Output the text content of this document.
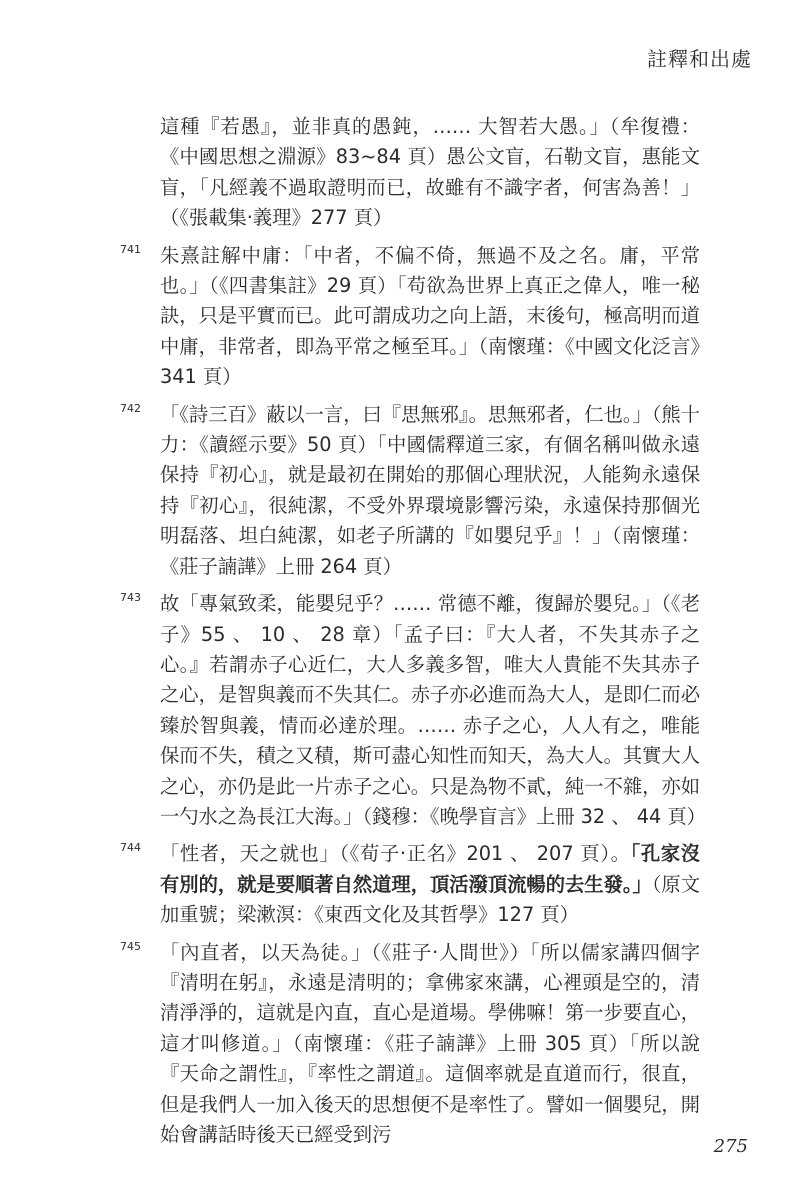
註釋和出處

這種『若愚』，並非真的愚鈍，…… 大智若大愚。」（牟復禮：《中國思想之淵源》83~84 頁）愚公文盲，石勒文盲，惠能文盲，「凡經義不過取證明而已，故雖有不識字者，何害為善！」（《張載集‧義理》277 頁）

741 朱熹註解中庸：「中者，不偏不倚，無過不及之名。庸，平常也。」（《四書集註》29 頁）「苟欲為世界上真正之偉人，唯一秘訣，只是平實而已。此可謂成功之向上語，末後句，極高明而道中庸，非常者，即為平常之極至耳。」（南懷瑾：《中國文化泛言》341 頁）

742 「《詩三百》蔽以一言，曰『思無邪』。思無邪者，仁也。」（熊十力：《讀經示要》50 頁）「中國儒釋道三家，有個名稱叫做永遠保持『初心』，就是最初在開始的那個心理狀況，人能夠永遠保持『初心』，很純潔，不受外界環境影響污染，永遠保持那個光明磊落、坦白純潔，如老子所講的『如嬰兒乎』！」（南懷瑾：《莊子諵譁》上冊 264 頁）

743 故「專氣致柔，能嬰兒乎？…… 常德不離，復歸於嬰兒。」（《老子》55 、 10 、 28 章）「孟子曰：『大人者，不失其赤子之心。』若謂赤子心近仁，大人多義多智，唯大人貴能不失其赤子之心，是智與義而不失其仁。赤子亦必進而為大人，是即仁而必臻於智與義，情而必達於理。…… 赤子之心，人人有之，唯能保而不失，積之又積，斯可盡心知性而知天，為大人。其實大人之心，亦仍是此一片赤子之心。只是為物不貳，純一不雜，亦如一勺水之為長江大海。」（錢穆：《晚學盲言》上冊 32 、 44 頁）

744 「性者，天之就也」（《荀子‧正名》201 、 207 頁）。「孔家沒有別的，就是要順著自然道理，頂活潑頂流暢的去生發。」（原文加重號；梁漱溟：《東西文化及其哲學》127 頁）

745 「內直者，以天為徒。」（《莊子‧人間世》）「所以儒家講四個字『清明在躬』，永遠是清明的；拿佛家來講，心裡頭是空的，清清淨淨的，這就是內直，直心是道場。學佛嘛！第一步要直心，這才叫修道。」（南懷瑾：《莊子諵譁》上冊 305 頁）「所以說『天命之謂性』，『率性之謂道』。這個率就是直道而行，很直，但是我們人一加入後天的思想便不是率性了。譬如一個嬰兒，開始會講話時後天已經受到污

275
